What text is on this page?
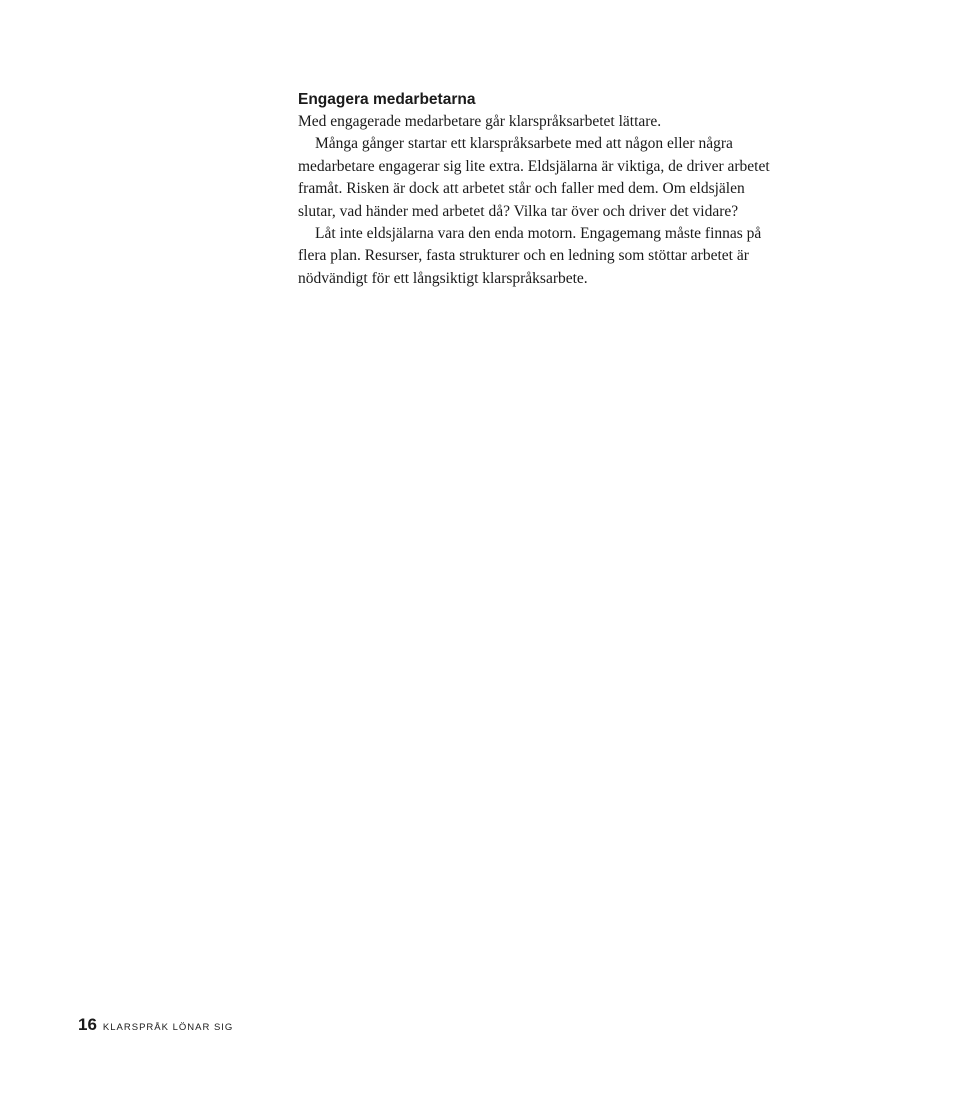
Engagera medarbetarna

Med engagerade medarbetare går klarspråksarbetet lättare.

Många gånger startar ett klarspråksarbete med att någon eller några
medarbetare engagerar sig lite extra. Eldsjälarna är viktiga, de driver arbetet
framåt. Risken är dock att arbetet står och faller med dem. Om eldsjälen
slutar, vad händer med arbetet då? Vilka tar över och driver det vidare?

Låt inte eldsjälarna vara den enda motorn. Engagemang måste finnas på
flera plan. Resurser, fasta strukturer och en ledning som stöttar arbetet är
nödvändigt för ett långsiktigt klarspråksarbete.

16 KLARSPRÅK LÖNAR SIG
